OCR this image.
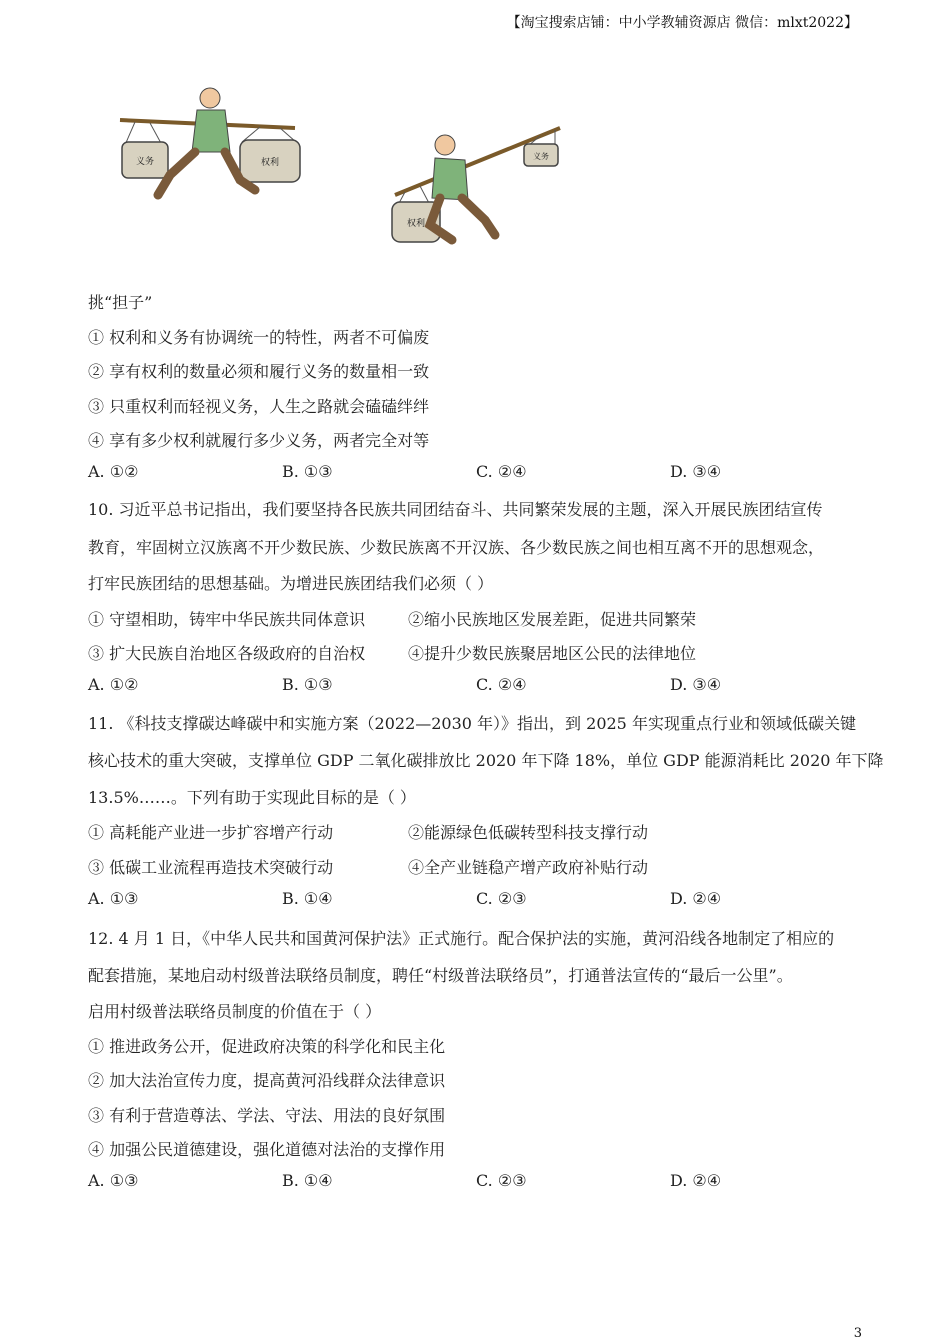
【淘宝搜索店铺：中小学教辅资源店 微信：mlxt2022】
义务	权利
权利
义务
挑“担子”
① 权利和义务有协调统一的特性，两者不可偏废
② 享有权利的数量必须和履行义务的数量相一致
③ 只重权利而轻视义务，人生之路就会磕磕绊绊
④ 享有多少权利就履行多少义务，两者完全对等
A. ①②	B. ①③	C. ②④	D. ③④
10. 习近平总书记指出，我们要坚持各民族共同团结奋斗、共同繁荣发展的主题，深入开展民族团结宣传
教育，牢固树立汉族离不开少数民族、少数民族离不开汉族、各少数民族之间也相互离不开的思想观念，
打牢民族团结的思想基础。为增进民族团结我们必须（ ）
① 守望相助，铸牢中华民族共同体意识	②缩小民族地区发展差距，促进共同繁荣
③ 扩大民族自治地区各级政府的自治权	④提升少数民族聚居地区公民的法律地位
A. ①②	B. ①③	C. ②④	D. ③④
11. 《科技支撑碳达峰碳中和实施方案（2022—2030 年）》指出，到 2025 年实现重点行业和领域低碳关键
核心技术的重大突破，支撑单位 GDP 二氧化碳排放比 2020 年下降 18%，单位 GDP 能源消耗比 2020 年下降
13.5%……。下列有助于实现此目标的是（ ）
① 高耗能产业进一步扩容增产行动	②能源绿色低碳转型科技支撑行动
③ 低碳工业流程再造技术突破行动	④全产业链稳产增产政府补贴行动
A. ①③	B. ①④	C. ②③	D. ②④
12. 4 月 1 日，《中华人民共和国黄河保护法》正式施行。配合保护法的实施，黄河沿线各地制定了相应的
配套措施，某地启动村级普法联络员制度，聘任“村级普法联络员”，打通普法宣传的“最后一公里”。
启用村级普法联络员制度的价值在于（ ）
① 推进政务公开，促进政府决策的科学化和民主化
② 加大法治宣传力度，提高黄河沿线群众法律意识
③ 有利于营造尊法、学法、守法、用法的良好氛围
④ 加强公民道德建设，强化道德对法治的支撑作用
A. ①③	B. ①④	C. ②③	D. ②④
3
